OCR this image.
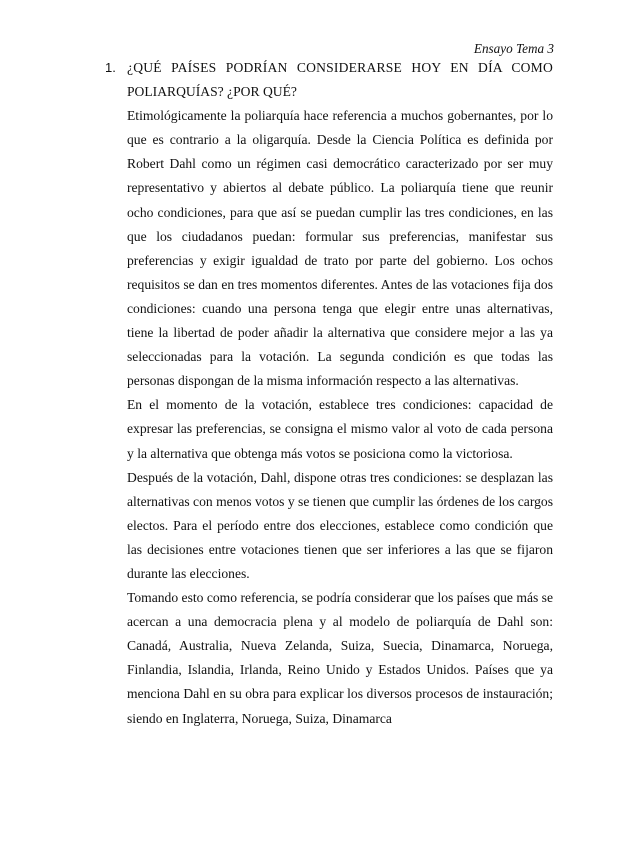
Ensayo Tema 3
1. ¿QUÉ PAÍSES PODRÍAN CONSIDERARSE HOY EN DÍA COMO
POLIARQUÍAS? ¿POR QUÉ?

Etimológicamente la poliarquía hace referencia a muchos gobernantes, por lo que es contrario a la oligarquía. Desde la Ciencia Política es definida por Robert Dahl como un régimen casi democrático caracterizado por ser muy representativo y abiertos al debate público. La poliarquía tiene que reunir ocho condiciones, para que así se puedan cumplir las tres condiciones, en las que los ciudadanos puedan: formular sus preferencias, manifestar sus preferencias y exigir igualdad de trato por parte del gobierno. Los ochos requisitos se dan en tres momentos diferentes. Antes de las votaciones fija dos condiciones: cuando una persona tenga que elegir entre unas alternativas, tiene la libertad de poder añadir la alternativa que considere mejor a las ya seleccionadas para la votación. La segunda condición es que todas las personas dispongan de la misma información respecto a las alternativas.

En el momento de la votación, establece tres condiciones: capacidad de expresar las preferencias, se consigna el mismo valor al voto de cada persona y la alternativa que obtenga más votos se posiciona como la victoriosa.

Después de la votación, Dahl, dispone otras tres condiciones: se desplazan las alternativas con menos votos y se tienen que cumplir las órdenes de los cargos electos. Para el período entre dos elecciones, establece como condición que las decisiones entre votaciones tienen que ser inferiores a las que se fijaron durante las elecciones.

Tomando esto como referencia, se podría considerar que los países que más se acercan a una democracia plena y al modelo de poliarquía de Dahl son: Canadá, Australia, Nueva Zelanda, Suiza, Suecia, Dinamarca, Noruega, Finlandia, Islandia, Irlanda, Reino Unido y Estados Unidos. Países que ya menciona Dahl en su obra para explicar los diversos procesos de instauración; siendo en Inglaterra, Noruega, Suiza, Dinamarca
